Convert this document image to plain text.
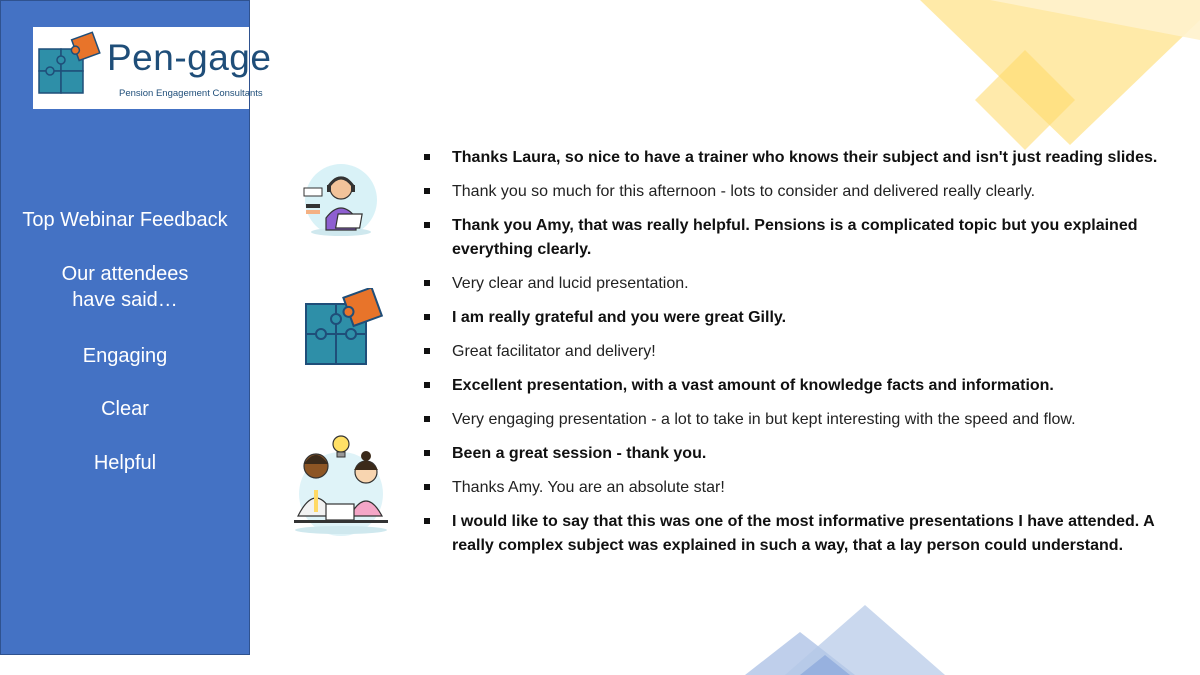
Top Webinar Feedback
Our attendees have said…
Engaging
Clear
Helpful
Pen-gage
Pension Engagement Consultants
Thanks Laura, so nice to have a trainer who knows their subject and isn't just reading slides.
Thank you so much for this afternoon - lots to consider and delivered really clearly.
Thank you Amy, that was really helpful. Pensions is a complicated topic but you explained everything clearly.
Very clear and lucid presentation.
I am really grateful and you were great Gilly.
Great facilitator and delivery!
Excellent presentation, with a vast amount of knowledge facts and information.
Very engaging presentation - a lot to take in but kept interesting with the speed and flow.
Been a great session - thank you.
Thanks Amy. You are an absolute star!
I would like to say that this was one of the most informative presentations I have attended. A really complex subject was explained in such a way, that a lay person could understand.
